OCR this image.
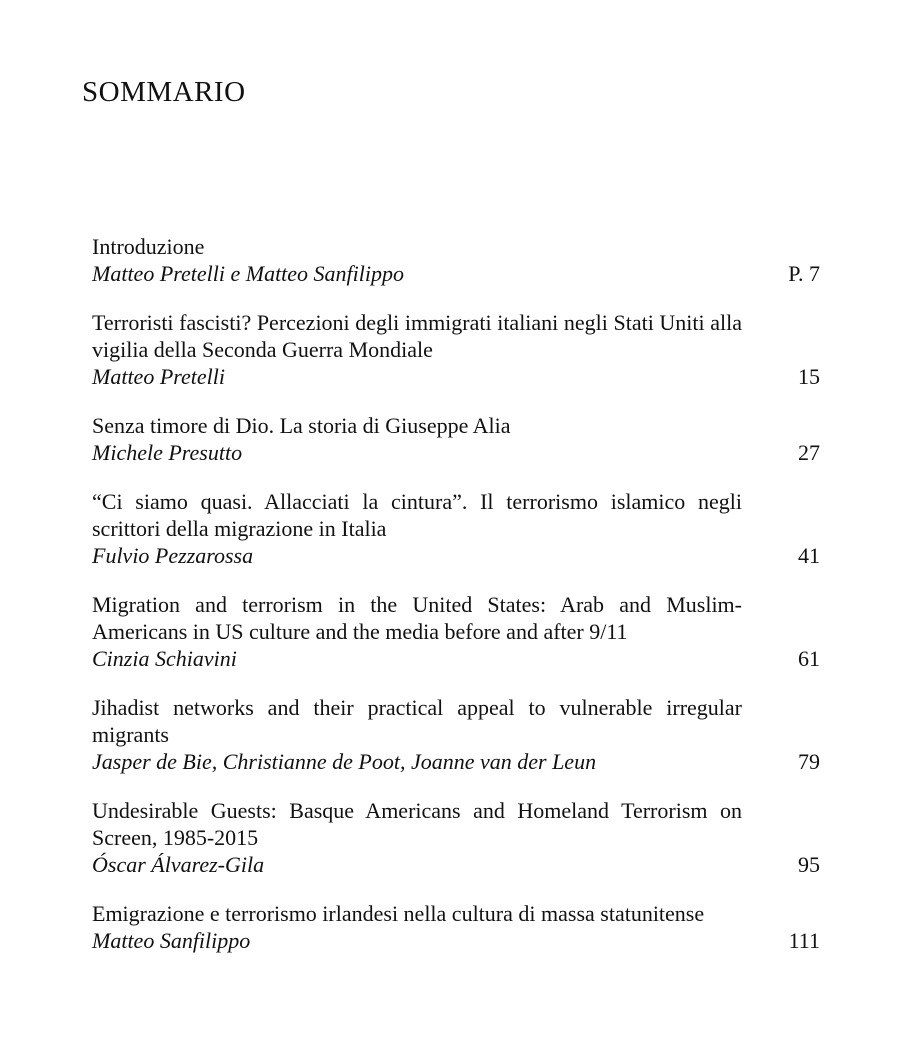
SOMMARIO
Introduzione
Matteo Pretelli e Matteo Sanfilippo	P. 7
Terroristi fascisti? Percezioni degli immigrati italiani negli Stati Uniti alla vigilia della Seconda Guerra Mondiale
Matteo Pretelli	15
Senza timore di Dio. La storia di Giuseppe Alia
Michele Presutto	27
“Ci siamo quasi. Allacciati la cintura”. Il terrorismo islamico negli scrittori della migrazione in Italia
Fulvio Pezzarossa	41
Migration and terrorism in the United States: Arab and Muslim-Americans in US culture and the media before and after 9/11
Cinzia Schiavini	61
Jihadist networks and their practical appeal to vulnerable irregular migrants
Jasper de Bie, Christianne de Poot, Joanne van der Leun	79
Undesirable Guests: Basque Americans and Homeland Terrorism on Screen, 1985-2015
Óscar Álvarez-Gila	95
Emigrazione e terrorismo irlandesi nella cultura di massa statunitense
Matteo Sanfilippo	111
